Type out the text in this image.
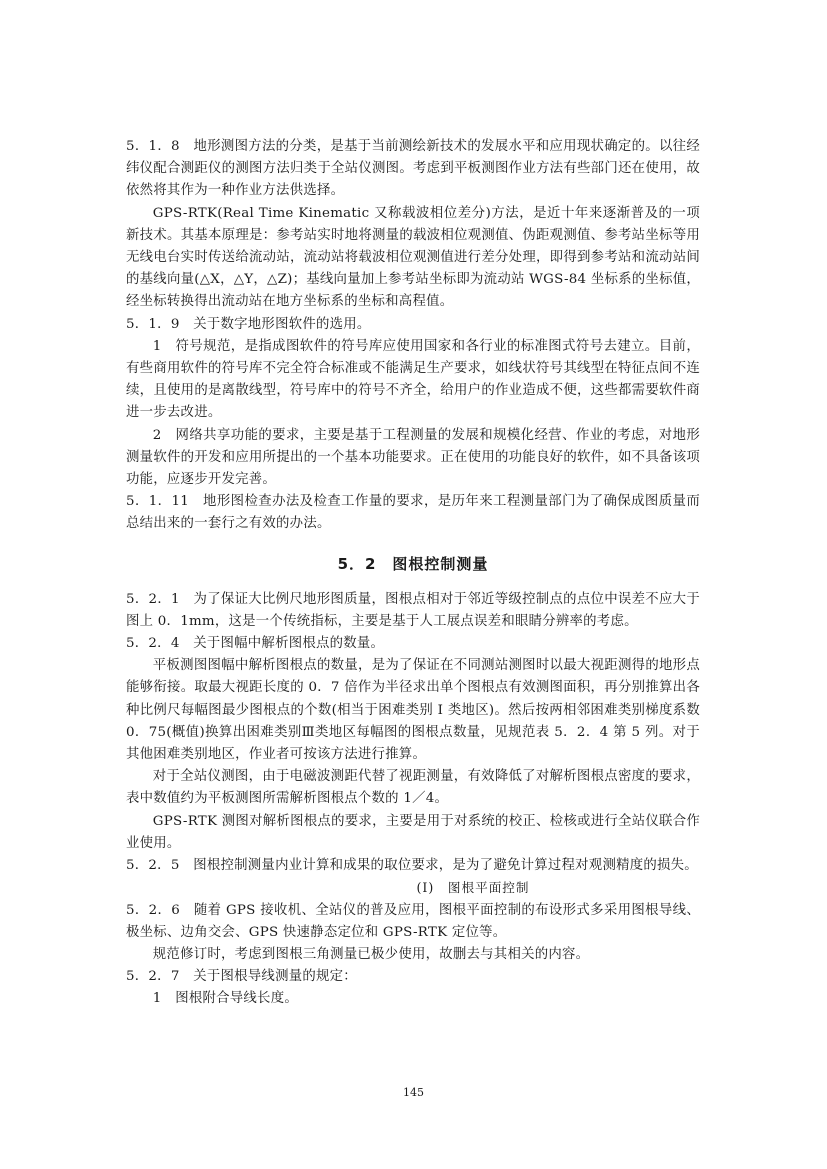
5．1．8　地形测图方法的分类，是基于当前测绘新技术的发展水平和应用现状确定的。以往经纬仪配合测距仪的测图方法归类于全站仪测图。考虑到平板测图作业方法有些部门还在使用，故依然将其作为一种作业方法供选择。

GPS-RTK(Real Time Kinematic 又称载波相位差分)方法，是近十年来逐渐普及的一项新技术。其基本原理是：参考站实时地将测量的载波相位观测值、伪距观测值、参考站坐标等用无线电台实时传送给流动站，流动站将载波相位观测值进行差分处理，即得到参考站和流动站间的基线向量(△X，△Y，△Z)；基线向量加上参考站坐标即为流动站 WGS-84 坐标系的坐标值，经坐标转换得出流动站在地方坐标系的坐标和高程值。

5．1．9　关于数字地形图软件的选用。

1　符号规范，是指成图软件的符号库应使用国家和各行业的标准图式符号去建立。目前，有些商用软件的符号库不完全符合标准或不能满足生产要求，如线状符号其线型在特征点间不连续，且使用的是离散线型，符号库中的符号不齐全，给用户的作业造成不便，这些都需要软件商进一步去改进。

2　网络共享功能的要求，主要是基于工程测量的发展和规模化经营、作业的考虑，对地形测量软件的开发和应用所提出的一个基本功能要求。正在使用的功能良好的软件，如不具备该项功能，应逐步开发完善。

5．1．11　地形图检查办法及检查工作量的要求，是历年来工程测量部门为了确保成图质量而总结出来的一套行之有效的办法。

5．2　图根控制测量

5．2．1　为了保证大比例尺地形图质量，图根点相对于邻近等级控制点的点位中误差不应大于图上 0．1mm，这是一个传统指标，主要是基于人工展点误差和眼睛分辨率的考虑。

5．2．4　关于图幅中解析图根点的数量。

平板测图图幅中解析图根点的数量，是为了保证在不同测站测图时以最大视距测得的地形点能够衔接。取最大视距长度的 0．7 倍作为半径求出单个图根点有效测图面积，再分别推算出各种比例尺每幅图最少图根点的个数(相当于困难类别 Ⅰ 类地区)。然后按两相邻困难类别梯度系数 0．75(概值)换算出困难类别Ⅲ类地区每幅图的图根点数量，见规范表 5．2．4 第 5 列。对于其他困难类别地区，作业者可按该方法进行推算。

对于全站仪测图，由于电磁波测距代替了视距测量，有效降低了对解析图根点密度的要求，表中数值约为平板测图所需解析图根点个数的 1／4。

GPS-RTK 测图对解析图根点的要求，主要是用于对系统的校正、检核或进行全站仪联合作业使用。

5．2．5　图根控制测量内业计算和成果的取位要求，是为了避免计算过程对观测精度的损失。

(Ⅰ)　图根平面控制

5．2．6　随着 GPS 接收机、全站仪的普及应用，图根平面控制的布设形式多采用图根导线、极坐标、边角交会、GPS 快速静态定位和 GPS-RTK 定位等。

规范修订时，考虑到图根三角测量已极少使用，故删去与其相关的内容。

5．2．7　关于图根导线测量的规定：

1　图根附合导线长度。

145
